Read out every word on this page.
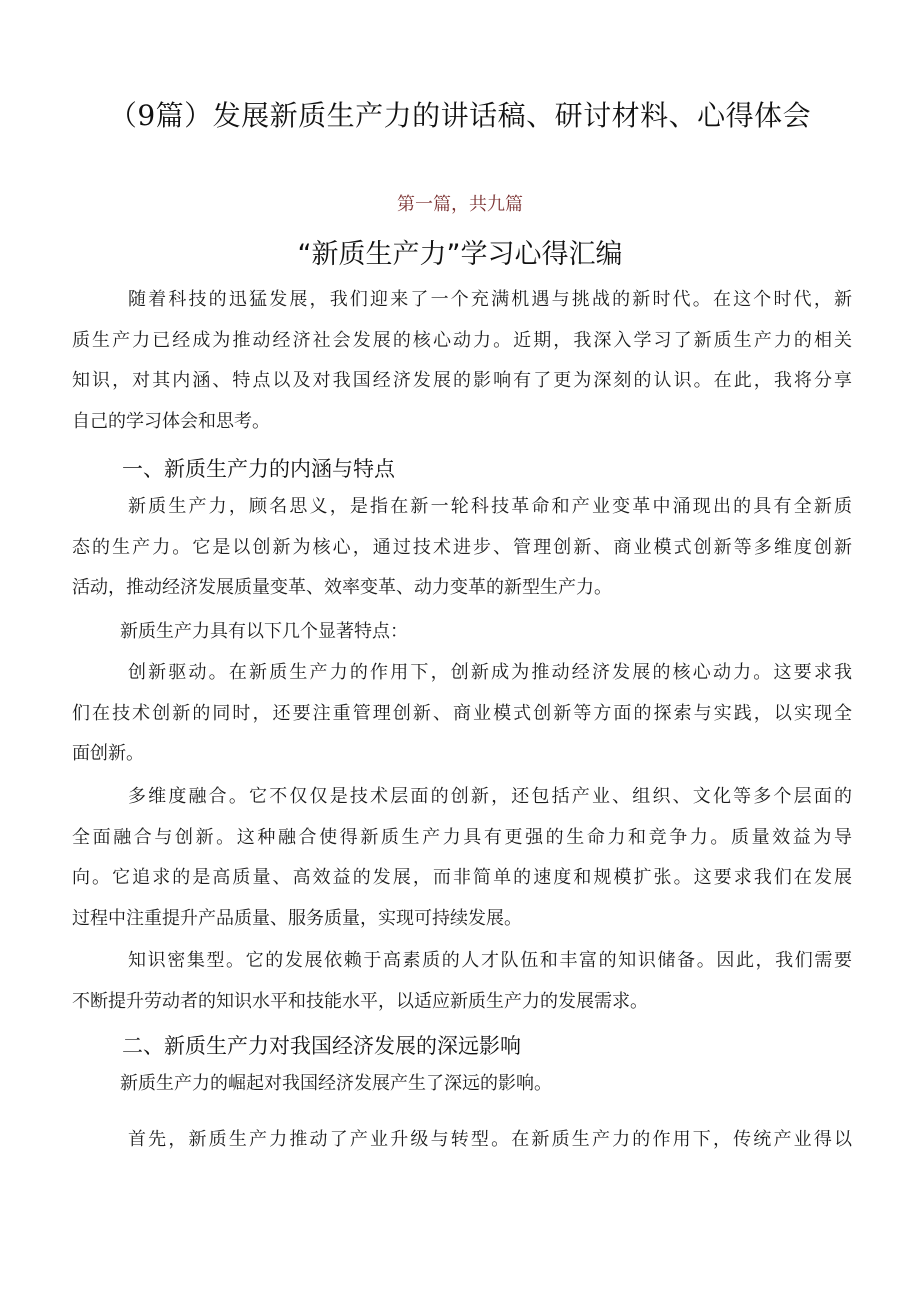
（9篇）发展新质生产力的讲话稿、研讨材料、心得体会
第一篇，共九篇
“新质生产力”学习心得汇编
随着科技的迅猛发展，我们迎来了一个充满机遇与挑战的新时代。在这个时代，新
质生产力已经成为推动经济社会发展的核心动力。近期，我深入学习了新质生产力的相关
知识，对其内涵、特点以及对我国经济发展的影响有了更为深刻的认识。在此，我将分享
自己的学习体会和思考。
一、新质生产力的内涵与特点
新质生产力，顾名思义，是指在新一轮科技革命和产业变革中涌现出的具有全新质
态的生产力。它是以创新为核心，通过技术进步、管理创新、商业模式创新等多维度创新
活动，推动经济发展质量变革、效率变革、动力变革的新型生产力。
新质生产力具有以下几个显著特点：
创新驱动。在新质生产力的作用下，创新成为推动经济发展的核心动力。这要求我
们在技术创新的同时，还要注重管理创新、商业模式创新等方面的探索与实践，以实现全
面创新。
多维度融合。它不仅仅是技术层面的创新，还包括产业、组织、文化等多个层面的
全面融合与创新。这种融合使得新质生产力具有更强的生命力和竞争力。质量效益为导
向。它追求的是高质量、高效益的发展，而非简单的速度和规模扩张。这要求我们在发展
过程中注重提升产品质量、服务质量，实现可持续发展。
知识密集型。它的发展依赖于高素质的人才队伍和丰富的知识储备。因此，我们需要
不断提升劳动者的知识水平和技能水平，以适应新质生产力的发展需求。
二、新质生产力对我国经济发展的深远影响
新质生产力的崛起对我国经济发展产生了深远的影响。
首先，新质生产力推动了产业升级与转型。在新质生产力的作用下，传统产业得以
